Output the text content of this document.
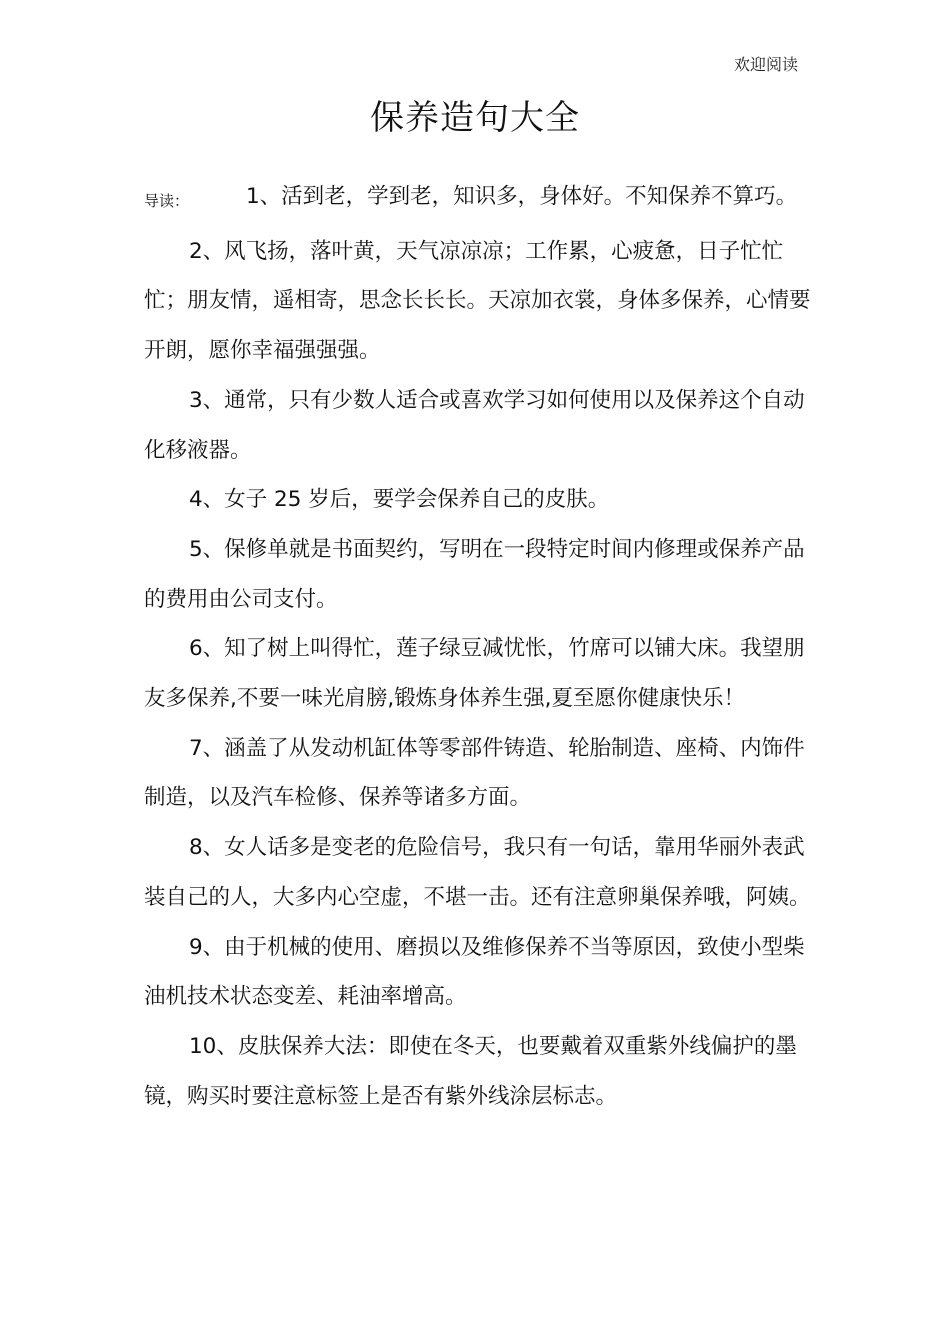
欢迎阅读
保养造句大全

导读：	1、活到老，学到老，知识多，身体好。不知保养不算巧。

2、风飞扬，落叶黄，天气凉凉凉；工作累，心疲惫，日子忙忙忙；朋友情，遥相寄，思念长长长。天凉加衣裳，身体多保养，心情要开朗，愿你幸福强强强。

3、通常，只有少数人适合或喜欢学习如何使用以及保养这个自动化移液器。

4、女子 25 岁后，要学会保养自己的皮肤。

5、保修单就是书面契约，写明在一段特定时间内修理或保养产品的费用由公司支付。

6、知了树上叫得忙，莲子绿豆减忧怅，竹席可以铺大床。我望朋友多保养,不要一味光肩膀,锻炼身体养生强,夏至愿你健康快乐！

7、涵盖了从发动机缸体等零部件铸造、轮胎制造、座椅、内饰件制造，以及汽车检修、保养等诸多方面。

8、女人话多是变老的危险信号，我只有一句话，靠用华丽外表武装自己的人，大多内心空虚，不堪一击。还有注意卵巢保养哦，阿姨。

9、由于机械的使用、磨损以及维修保养不当等原因，致使小型柴油机技术状态变差、耗油率增高。

10、皮肤保养大法：即使在冬天，也要戴着双重紫外线偏护的墨镜，购买时要注意标签上是否有紫外线涂层标志。
